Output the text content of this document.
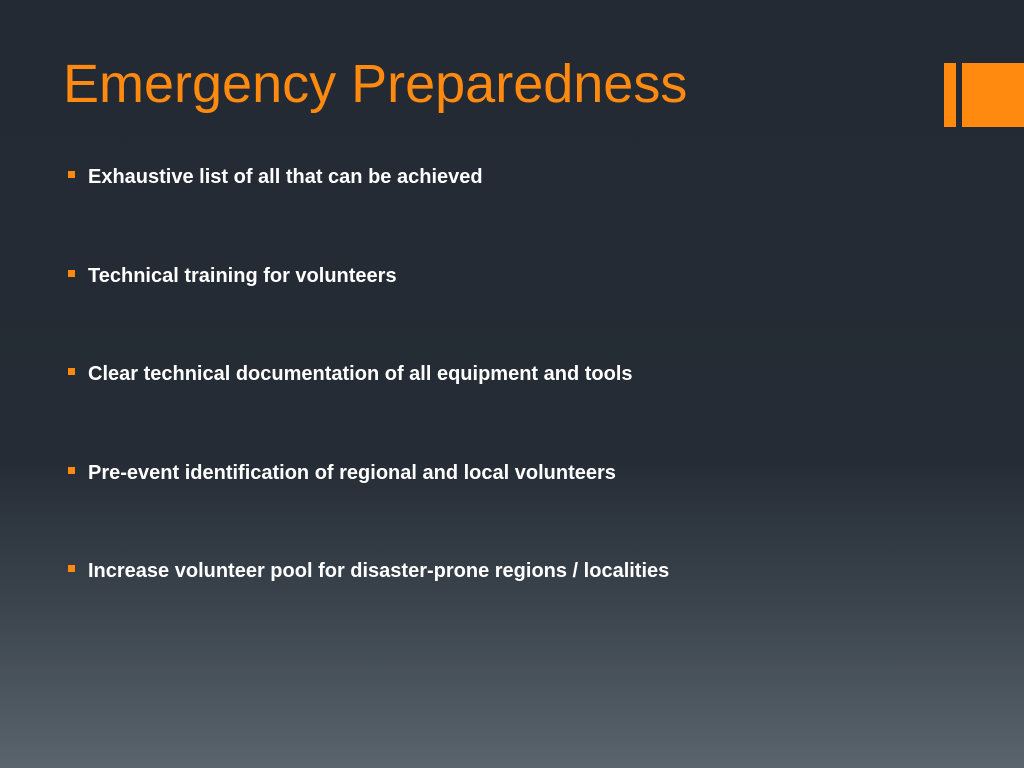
Emergency Preparedness
Exhaustive list of all that can be achieved
Technical training for volunteers
Clear technical documentation of all equipment and tools
Pre-event identification of regional and local volunteers
Increase volunteer pool for disaster-prone regions / localities
